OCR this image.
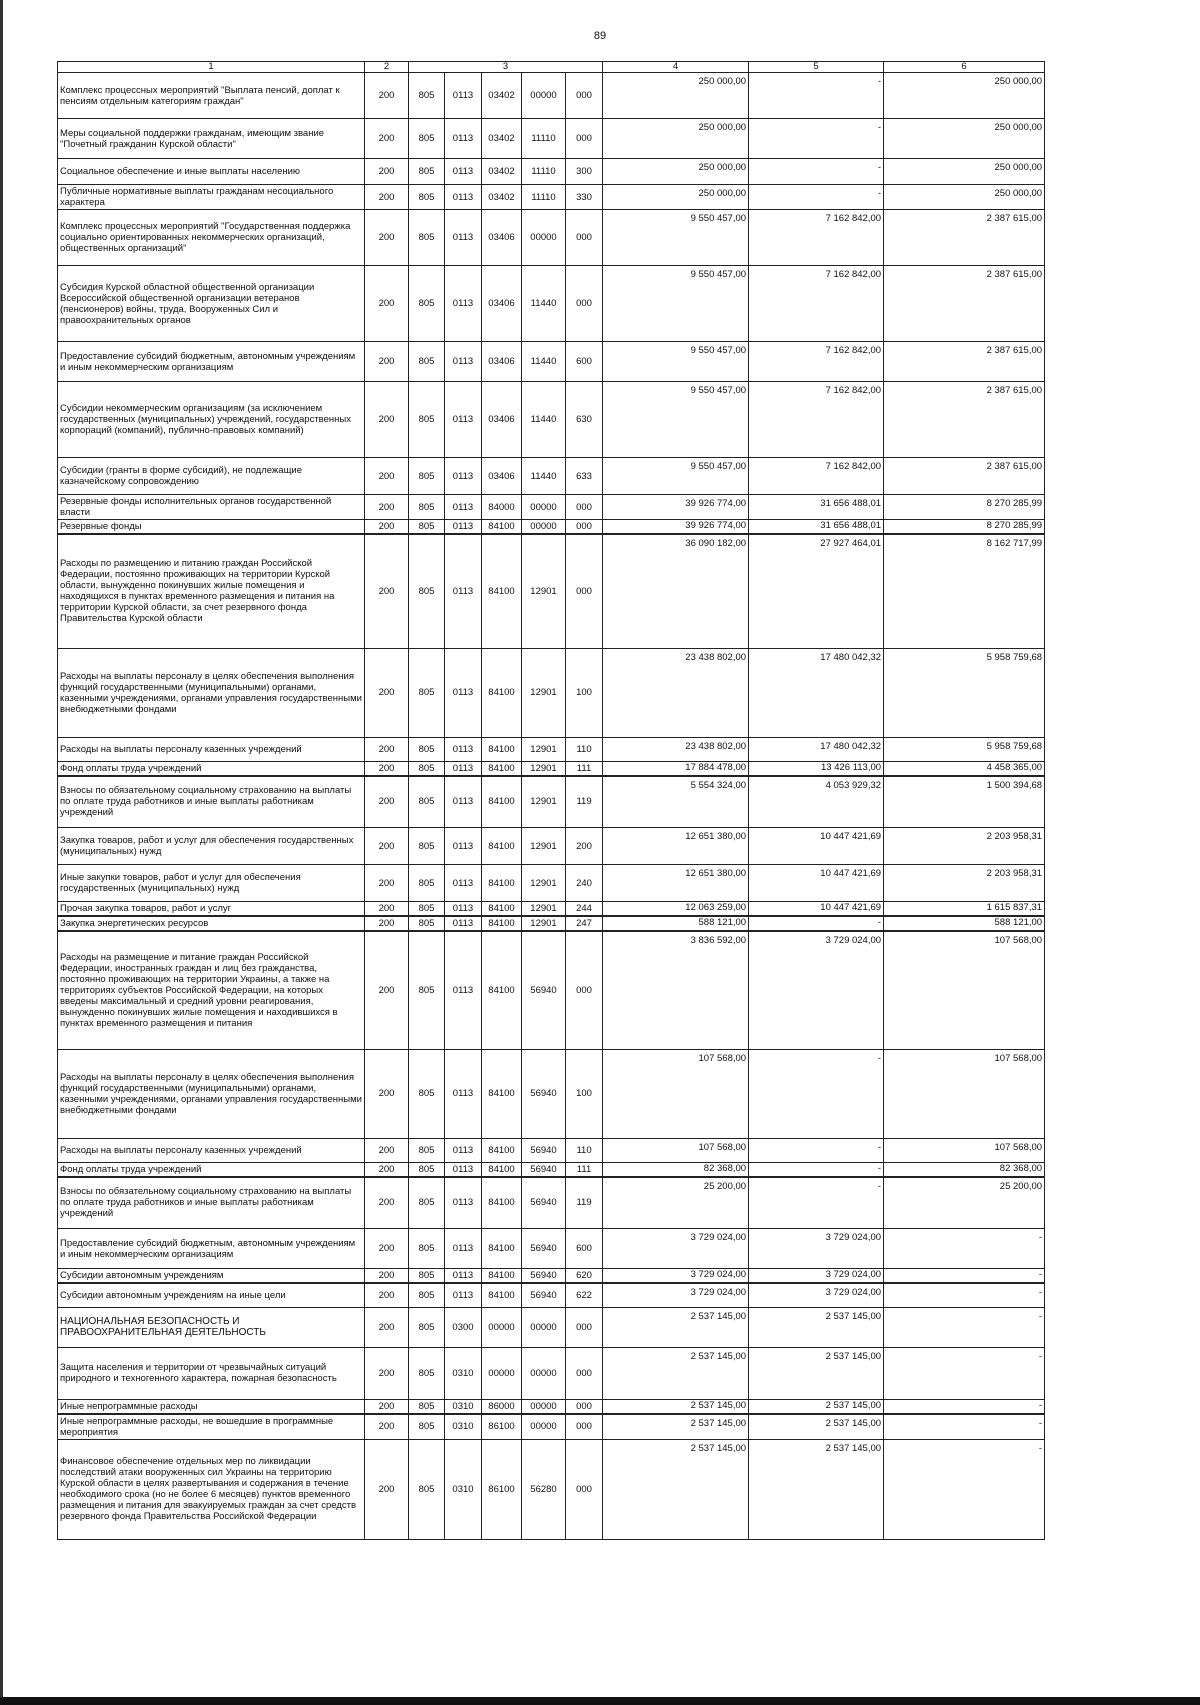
89
1	2	3					4	5	6
Комплекс процессных мероприятий "Выплата пенсий, доплат к пенсиям отдельным категориям граждан"	200	805	0113	03402	00000	000	250 000,00	-	250 000,00
Меры социальной поддержки гражданам, имеющим звание "Почетный гражданин Курской области"	200	805	0113	03402	11110	000	250 000,00	-	250 000,00
Социальное обеспечение и иные выплаты населению	200	805	0113	03402	11110	300	250 000,00	-	250 000,00
Публичные нормативные выплаты гражданам несоциального характера	200	805	0113	03402	11110	330	250 000,00	-	250 000,00
Комплекс процессных мероприятий "Государственная поддержка социально ориентированных некоммерческих организаций, общественных организаций"	200	805	0113	03406	00000	000	9 550 457,00	7 162 842,00	2 387 615,00
Субсидия Курской областной общественной организации Всероссийской общественной организации ветеранов (пенсионеров) войны, труда, Вооруженных Сил и правоохранительных органов	200	805	0113	03406	11440	000	9 550 457,00	7 162 842,00	2 387 615,00
Предоставление субсидий бюджетным, автономным учреждениям и иным некоммерческим организациям	200	805	0113	03406	11440	600	9 550 457,00	7 162 842,00	2 387 615,00
Субсидии некоммерческим организациям (за исключением государственных (муниципальных) учреждений, государственных корпораций (компаний), публично-правовых компаний)	200	805	0113	03406	11440	630	9 550 457,00	7 162 842,00	2 387 615,00
Субсидии (гранты в форме субсидий), не подлежащие казначейскому сопровождению	200	805	0113	03406	11440	633	9 550 457,00	7 162 842,00	2 387 615,00
Резервные фонды исполнительных органов государственной власти	200	805	0113	84000	00000	000	39 926 774,00	31 656 488,01	8 270 285,99
Резервные фонды	200	805	0113	84100	00000	000	39 926 774,00	31 656 488,01	8 270 285,99
Расходы по размещению и питанию граждан Российской Федерации, постоянно проживающих на территории Курской области, вынужденно покинувших жилые помещения и находящихся в пунктах временного размещения и питания на территории Курской области, за счет резервного фонда Правительства Курской области	200	805	0113	84100	12901	000	36 090 182,00	27 927 464,01	8 162 717,99
Расходы на выплаты персоналу в целях обеспечения выполнения функций государственными (муниципальными) органами, казенными учреждениями, органами управления государственными внебюджетными фондами	200	805	0113	84100	12901	100	23 438 802,00	17 480 042,32	5 958 759,68
Расходы на выплаты персоналу казенных учреждений	200	805	0113	84100	12901	110	23 438 802,00	17 480 042,32	5 958 759,68
Фонд оплаты труда учреждений	200	805	0113	84100	12901	111	17 884 478,00	13 426 113,00	4 458 365,00
Взносы по обязательному социальному страхованию на выплаты по оплате труда работников и иные выплаты работникам учреждений	200	805	0113	84100	12901	119	5 554 324,00	4 053 929,32	1 500 394,68
Закупка товаров, работ и услуг для обеспечения государственных (муниципальных) нужд	200	805	0113	84100	12901	200	12 651 380,00	10 447 421,69	2 203 958,31
Иные закупки товаров, работ и услуг для обеспечения государственных (муниципальных) нужд	200	805	0113	84100	12901	240	12 651 380,00	10 447 421,69	2 203 958,31
Прочая закупка товаров, работ и услуг	200	805	0113	84100	12901	244	12 063 259,00	10 447 421,69	1 615 837,31
Закупка энергетических ресурсов	200	805	0113	84100	12901	247	588 121,00	-	588 121,00
Расходы на размещение и питание граждан Российской Федерации, иностранных граждан и лиц без гражданства, постоянно проживающих на территории Украины, а также на территориях субъектов Российской Федерации, на которых введены максимальный и средний уровни реагирования, вынужденно покинувших жилые помещения и находившихся в пунктах временного размещения и питания	200	805	0113	84100	56940	000	3 836 592,00	3 729 024,00	107 568,00
Расходы на выплаты персоналу в целях обеспечения выполнения функций государственными (муниципальными) органами, казенными учреждениями, органами управления государственными внебюджетными фондами	200	805	0113	84100	56940	100	107 568,00	-	107 568,00
Расходы на выплаты персоналу казенных учреждений	200	805	0113	84100	56940	110	107 568,00	-	107 568,00
Фонд оплаты труда учреждений	200	805	0113	84100	56940	111	82 368,00	-	82 368,00
Взносы по обязательному социальному страхованию на выплаты по оплате труда работников и иные выплаты работникам учреждений	200	805	0113	84100	56940	119	25 200,00	-	25 200,00
Предоставление субсидий бюджетным, автономным учреждениям и иным некоммерческим организациям	200	805	0113	84100	56940	600	3 729 024,00	3 729 024,00	-
Субсидии автономным учреждениям	200	805	0113	84100	56940	620	3 729 024,00	3 729 024,00	-
Субсидии автономным учреждениям на иные цели	200	805	0113	84100	56940	622	3 729 024,00	3 729 024,00	-
НАЦИОНАЛЬНАЯ БЕЗОПАСНОСТЬ И ПРАВООХРАНИТЕЛЬНАЯ ДЕЯТЕЛЬНОСТЬ	200	805	0300	00000	00000	000	2 537 145,00	2 537 145,00	-
Защита населения и территории от чрезвычайных ситуаций природного и техногенного характера, пожарная безопасность	200	805	0310	00000	00000	000	2 537 145,00	2 537 145,00	-
Иные непрограммные расходы	200	805	0310	86000	00000	000	2 537 145,00	2 537 145,00	-
Иные непрограммные расходы, не вошедшие в программные мероприятия	200	805	0310	86100	00000	000	2 537 145,00	2 537 145,00	-
Финансовое обеспечение отдельных мер по ликвидации последствий атаки вооруженных сил Украины на территорию Курской области в целях развертывания и содержания в течение необходимого срока (но не более 6 месяцев) пунктов временного размещения и питания для эвакуируемых граждан за счет средств резервного фонда Правительства Российской Федерации	200	805	0310	86100	56280	000	2 537 145,00	2 537 145,00	-
